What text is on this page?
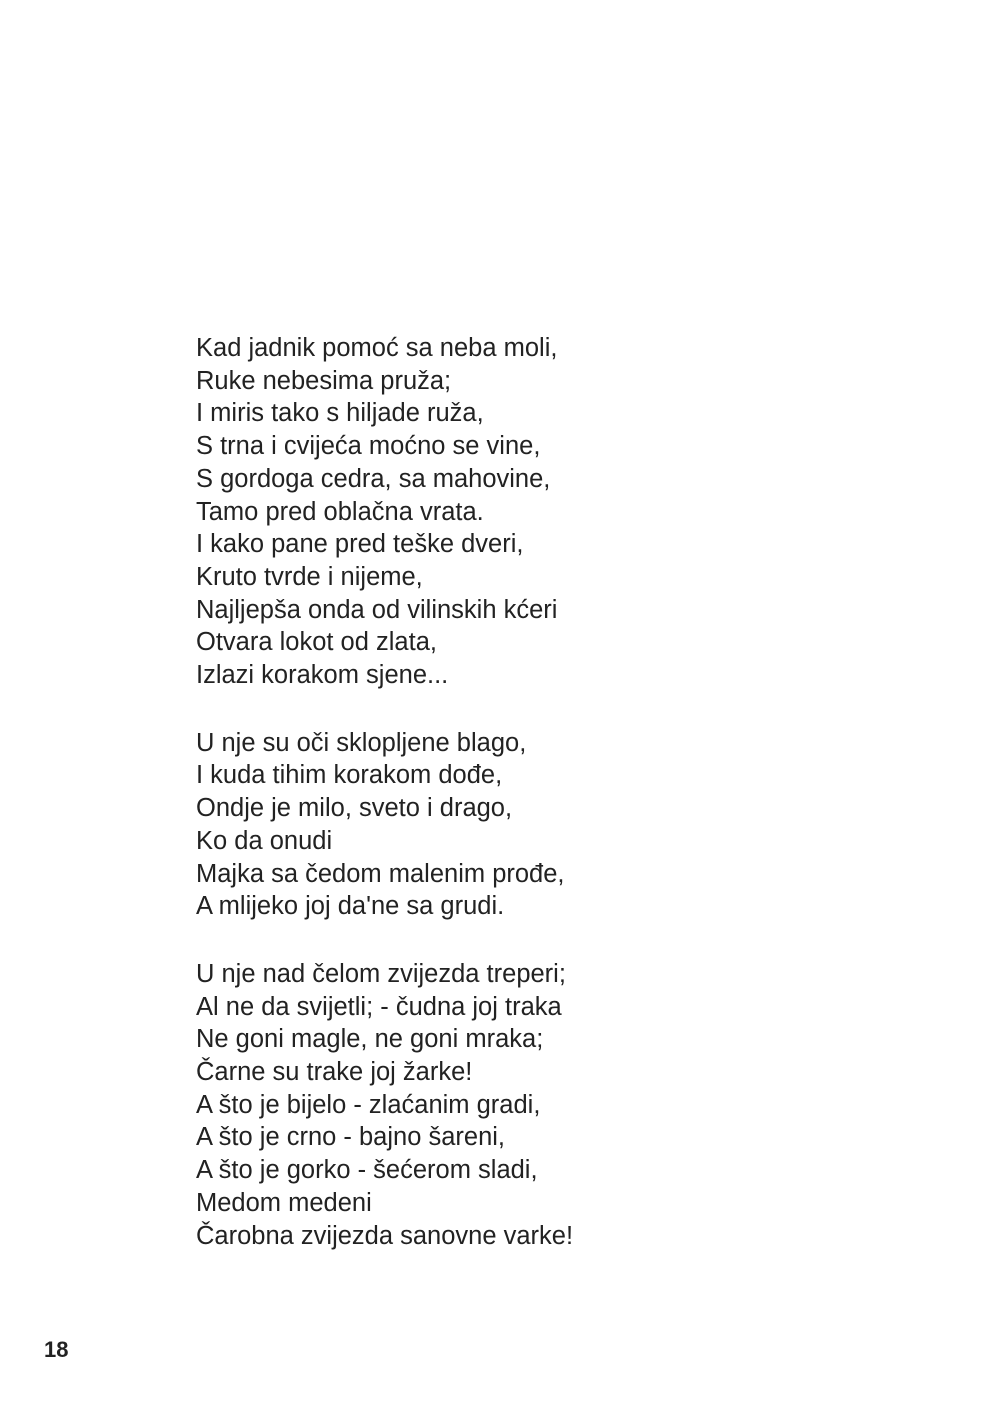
Kad jadnik pomoć sa neba moli,
Ruke nebesima pruža;
I miris tako s hiljade ruža,
S trna i cvijeća moćno se vine,
S gordoga cedra, sa mahovine,
Tamo pred oblačna vrata.
I kako pane pred teške dveri,
Kruto tvrde i nijeme,
Najljepša onda od vilinskih kćeri
Otvara lokot od zlata,
Izlazi korakom sjene...
U nje su oči sklopljene blago,
I kuda tihim korakom dođe,
Ondje je milo, sveto i drago,
Ko da onudi
Majka sa čedom malenim prođe,
A mlijeko joj da'ne sa grudi.
U nje nad čelom zvijezda treperi;
Al ne da svijetli; - čudna joj traka
Ne goni magle, ne goni mraka;
Čarne su trake joj žarke!
A što je bijelo - zlaćanim gradi,
A što je crno - bajno šareni,
A što je gorko - šećerom sladi,
Medom medeni
Čarobna zvijezda sanovne varke!
18
